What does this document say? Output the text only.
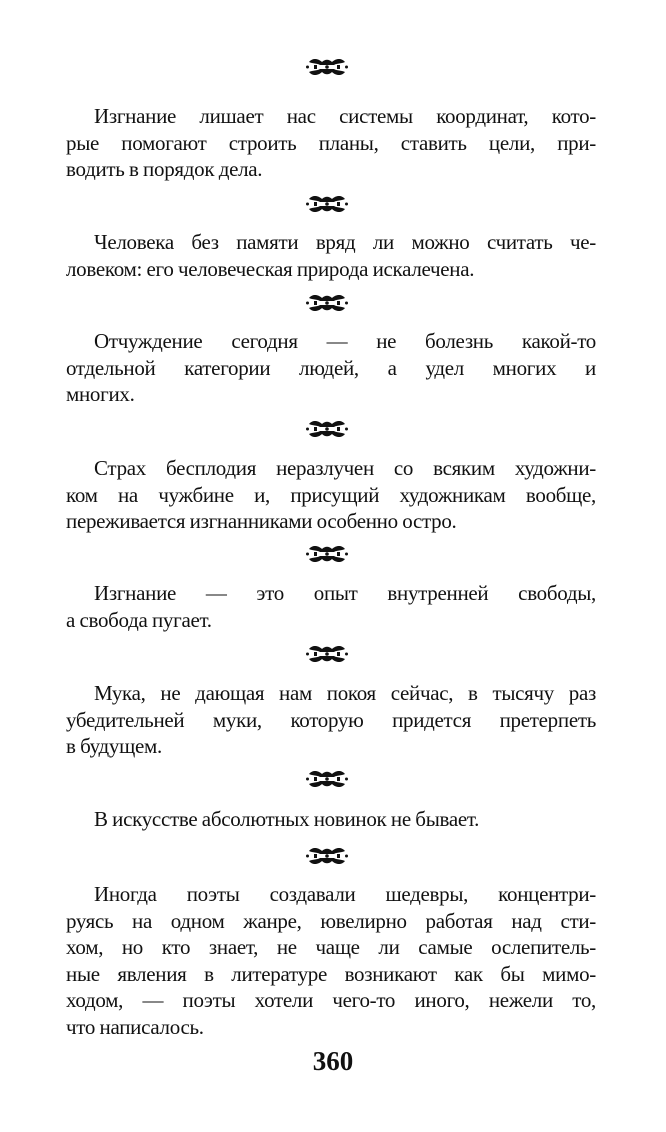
Изгнание лишает нас системы координат, кото-
рые помогают строить планы, ставить цели, при-
водить в порядок дела.
Человека без памяти вряд ли можно считать че-
ловеком: его человеческая природа искалечена.
Отчуждение сегодня — не болезнь какой-то
отдельной категории людей, а удел многих и
многих.
Страх бесплодия неразлучен со всяким художни-
ком на чужбине и, присущий художникам вообще,
переживается изгнанниками особенно остро.
Изгнание — это опыт внутренней свободы,
а свобода пугает.
Мука, не дающая нам покоя сейчас, в тысячу раз
убедительней муки, которую придется претерпеть
в будущем.
В искусстве абсолютных новинок не бывает.
Иногда поэты создавали шедевры, концентри-
руясь на одном жанре, ювелирно работая над сти-
хом, но кто знает, не чаще ли самые ослепитель-
ные явления в литературе возникают как бы мимо-
ходом, — поэты хотели чего-то иного, нежели то,
что написалось.
360
